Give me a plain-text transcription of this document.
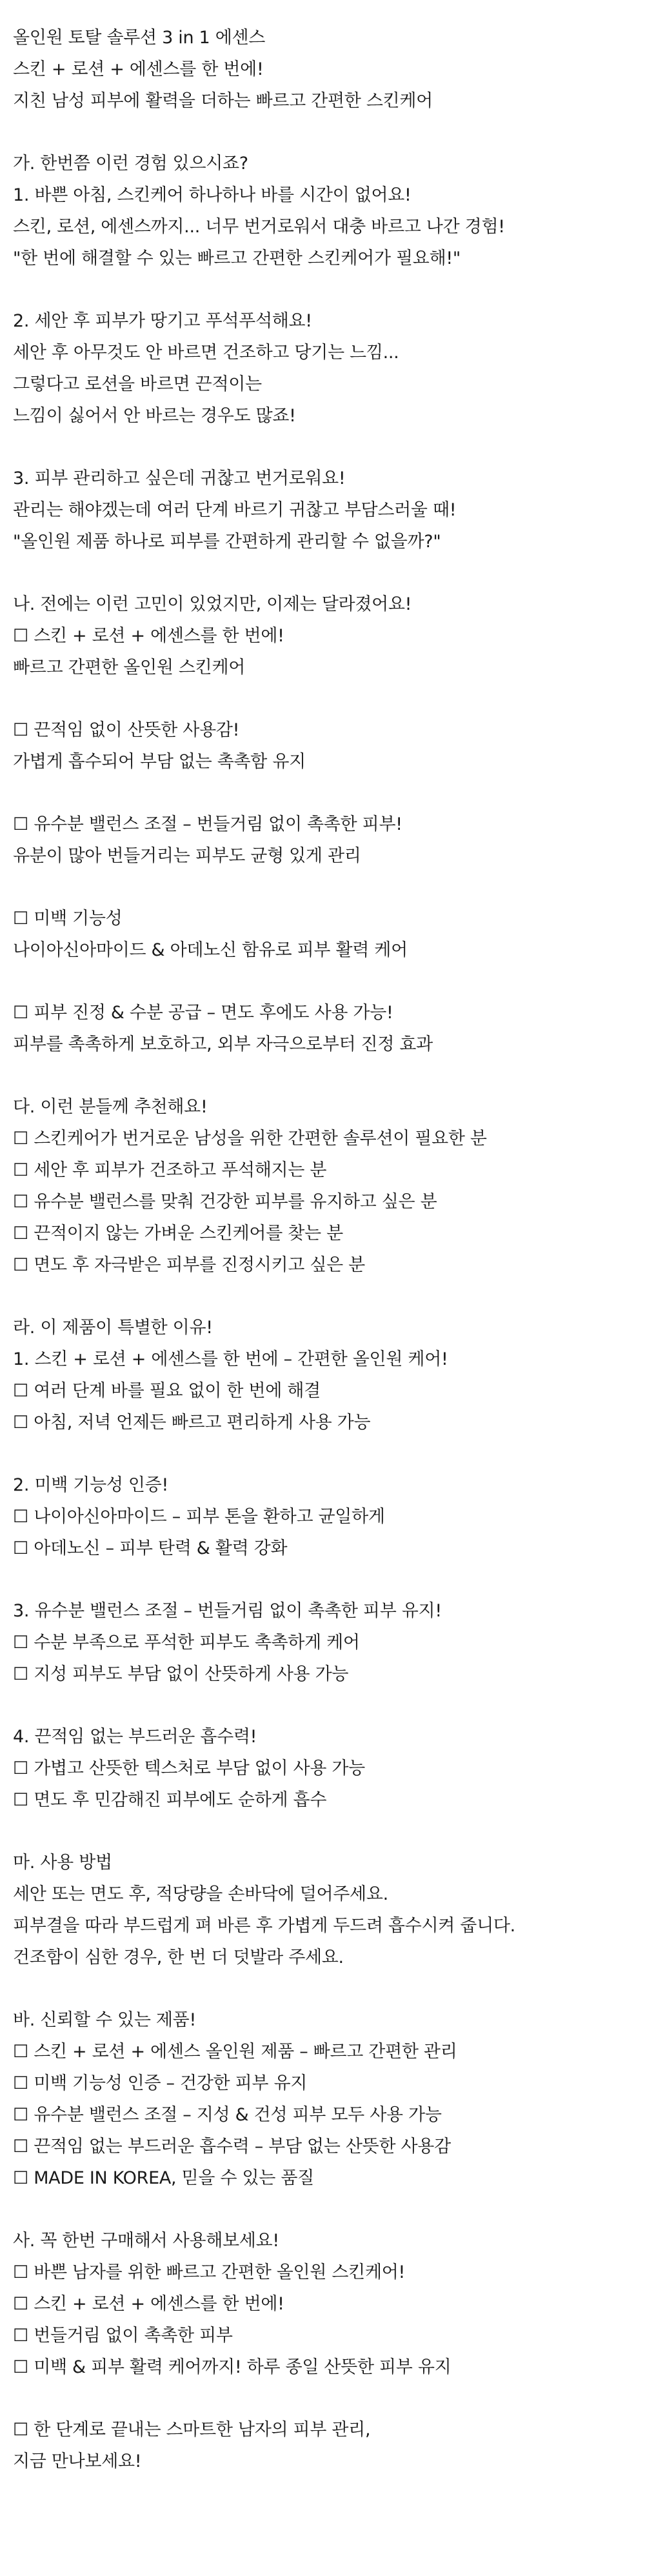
올인원 토탈 솔루션 3 in 1 에센스
스킨 + 로션 + 에센스를 한 번에!
지친 남성 피부에 활력을 더하는 빠르고 간편한 스킨케어
가. 한번쯤 이런 경험 있으시죠?
1. 바쁜 아침, 스킨케어 하나하나 바를 시간이 없어요!
스킨, 로션, 에센스까지... 너무 번거로워서 대충 바르고 나간 경험!
"한 번에 해결할 수 있는 빠르고 간편한 스킨케어가 필요해!"
2. 세안 후 피부가 땅기고 푸석푸석해요!
세안 후 아무것도 안 바르면 건조하고 당기는 느낌...
그렇다고 로션을 바르면 끈적이는
느낌이 싫어서 안 바르는 경우도 많죠!
3. 피부 관리하고 싶은데 귀찮고 번거로워요!
관리는 해야겠는데 여러 단계 바르기 귀찮고 부담스러울 때!
"올인원 제품 하나로 피부를 간편하게 관리할 수 없을까?"
나. 전에는 이런 고민이 있었지만, 이제는 달라졌어요!
☐ 스킨 + 로션 + 에센스를 한 번에!
빠르고 간편한 올인원 스킨케어
☐ 끈적임 없이 산뜻한 사용감!
가볍게 흡수되어 부담 없는 촉촉함 유지
☐ 유수분 밸런스 조절 – 번들거림 없이 촉촉한 피부!
유분이 많아 번들거리는 피부도 균형 있게 관리
☐ 미백 기능성
나이아신아마이드 & 아데노신 함유로 피부 활력 케어
☐ 피부 진정 & 수분 공급 – 면도 후에도 사용 가능!
피부를 촉촉하게 보호하고, 외부 자극으로부터 진정 효과
다. 이런 분들께 추천해요!
☐ 스킨케어가 번거로운 남성을 위한 간편한 솔루션이 필요한 분
☐ 세안 후 피부가 건조하고 푸석해지는 분
☐ 유수분 밸런스를 맞춰 건강한 피부를 유지하고 싶은 분
☐ 끈적이지 않는 가벼운 스킨케어를 찾는 분
☐ 면도 후 자극받은 피부를 진정시키고 싶은 분
라. 이 제품이 특별한 이유!
1. 스킨 + 로션 + 에센스를 한 번에 – 간편한 올인원 케어!
☐ 여러 단계 바를 필요 없이 한 번에 해결
☐ 아침, 저녁 언제든 빠르고 편리하게 사용 가능
2. 미백 기능성 인증!
☐ 나이아신아마이드 – 피부 톤을 환하고 균일하게
☐ 아데노신 – 피부 탄력 & 활력 강화
3. 유수분 밸런스 조절 – 번들거림 없이 촉촉한 피부 유지!
☐ 수분 부족으로 푸석한 피부도 촉촉하게 케어
☐ 지성 피부도 부담 없이 산뜻하게 사용 가능
4. 끈적임 없는 부드러운 흡수력!
☐ 가볍고 산뜻한 텍스처로 부담 없이 사용 가능
☐ 면도 후 민감해진 피부에도 순하게 흡수
마. 사용 방법
세안 또는 면도 후, 적당량을 손바닥에 덜어주세요.
피부결을 따라 부드럽게 펴 바른 후 가볍게 두드려 흡수시켜 줍니다.
건조함이 심한 경우, 한 번 더 덧발라 주세요.
바. 신뢰할 수 있는 제품!
☐ 스킨 + 로션 + 에센스 올인원 제품 – 빠르고 간편한 관리
☐ 미백 기능성 인증 – 건강한 피부 유지
☐ 유수분 밸런스 조절 – 지성 & 건성 피부 모두 사용 가능
☐ 끈적임 없는 부드러운 흡수력 – 부담 없는 산뜻한 사용감
☐ MADE IN KOREA, 믿을 수 있는 품질
사. 꼭 한번 구매해서 사용해보세요!
☐ 바쁜 남자를 위한 빠르고 간편한 올인원 스킨케어!
☐ 스킨 + 로션 + 에센스를 한 번에!
☐ 번들거림 없이 촉촉한 피부
☐ 미백 & 피부 활력 케어까지! 하루 종일 산뜻한 피부 유지
☐ 한 단계로 끝내는 스마트한 남자의 피부 관리,
지금 만나보세요!
